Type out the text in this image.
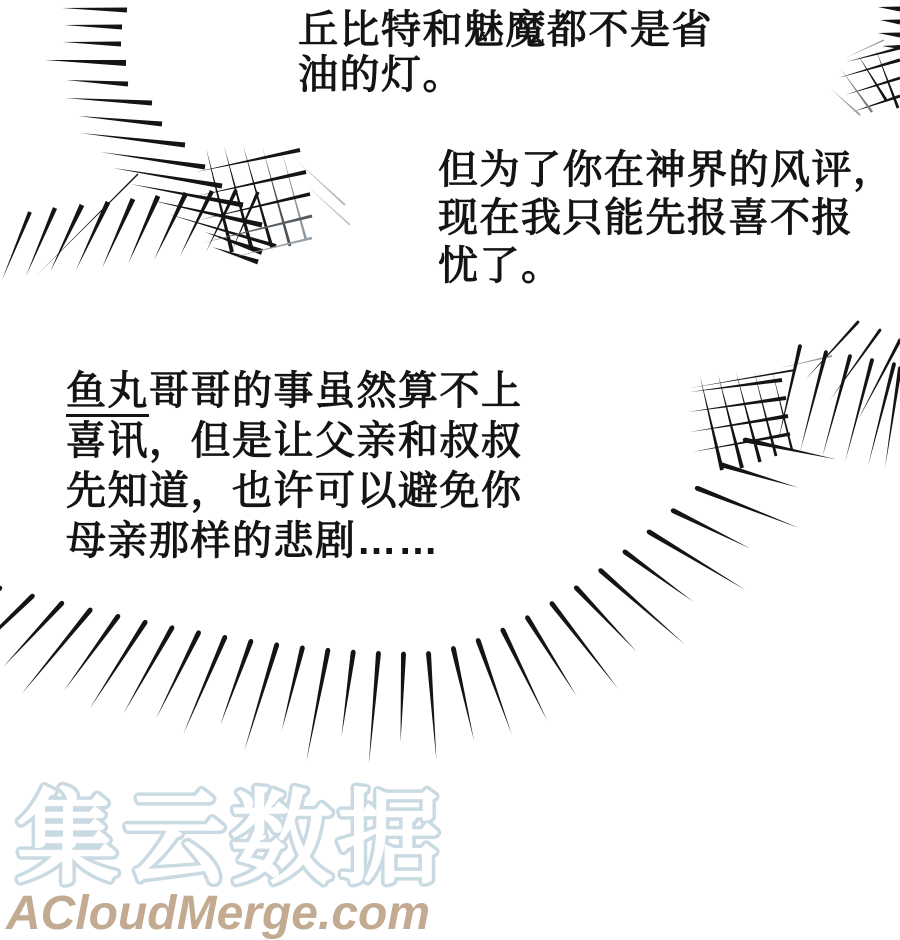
丘比特和魅魔都不是省
油的灯。
但为了你在神界的风评，
现在我只能先报喜不报
忧了。
鱼丸哥哥的事虽然算不上
喜讯，但是让父亲和叔叔
先知道，也许可以避免你
母亲那样的悲剧……
集云数据
ACloudMerge.com
